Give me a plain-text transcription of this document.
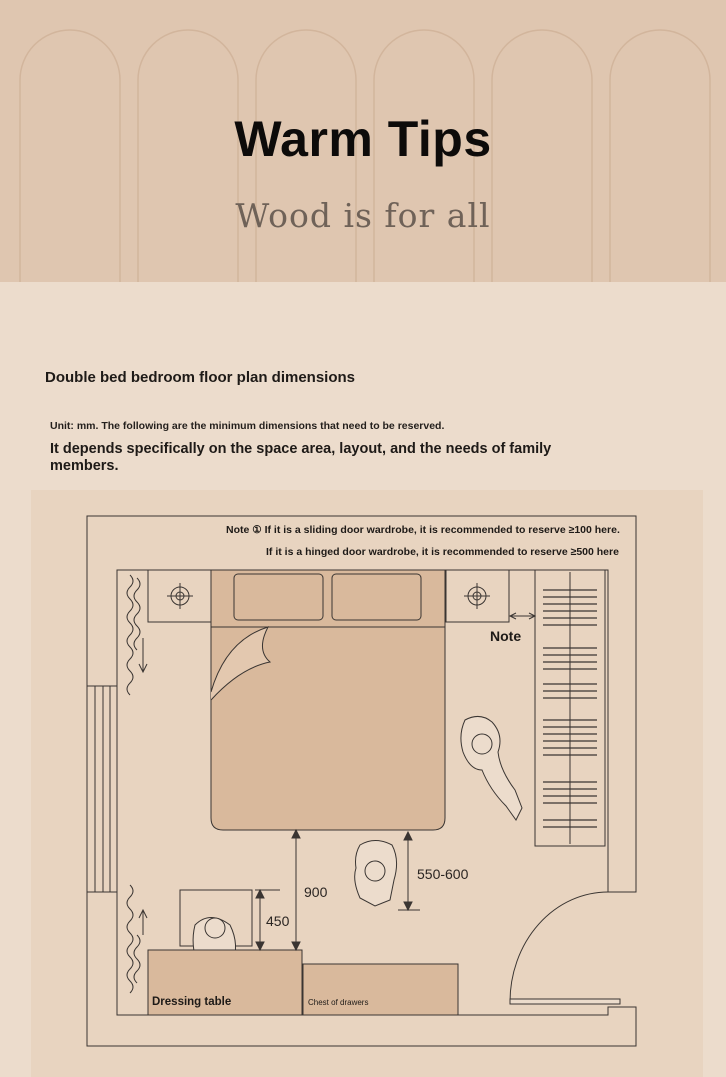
Warm Tips
Wood is for all
Double bed bedroom floor plan dimensions
Unit: mm. The following are the minimum dimensions that need to be reserved.
It depends specifically on the space area, layout, and the needs of family members.
Note ① If it is a sliding door wardrobe, it is recommended to reserve ≥100 here.
If it is a hinged door wardrobe, it is recommended to reserve ≥500 here
Note
900
550-600
450
Dressing table	Chest of drawers
